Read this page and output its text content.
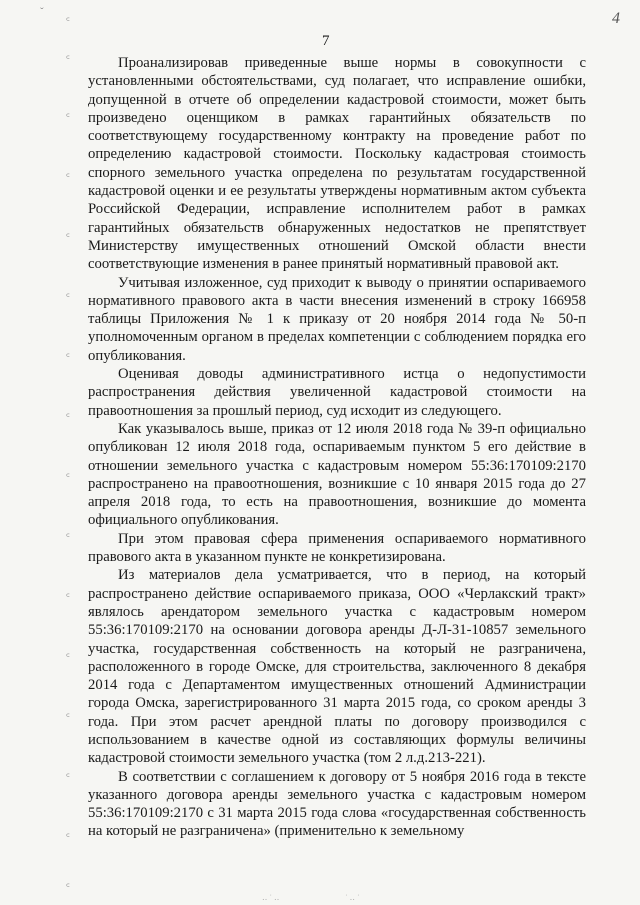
ˇ
꜂
꜂
꜂
꜂
꜂
꜂
꜂
꜂
꜂
꜂
꜂
꜂
꜂
꜂
꜂
꜂
4
7

Проанализировав приведенные выше нормы в совокупности с установленными обстоятельствами, суд полагает, что исправление ошибки, допущенной в отчете об определении кадастровой стоимости, может быть произведено оценщиком в рамках гарантийных обязательств по соответствующему государственному контракту на проведение работ по определению кадастровой стоимости. Поскольку кадастровая стоимость спорного земельного участка определена по результатам государственной кадастровой оценки и ее результаты утверждены нормативным актом субъекта Российской Федерации, исправление исполнителем работ в рамках гарантийных обязательств обнаруженных недостатков не препятствует Министерству имущественных отношений Омской области внести соответствующие изменения в ранее принятый нормативный правовой акт.

Учитывая изложенное, суд приходит к выводу о принятии оспариваемого нормативного правового акта в части внесения изменений в строку 166958 таблицы Приложения № 1 к приказу от 20 ноября 2014 года № 50-п уполномоченным органом в пределах компетенции с соблюдением порядка его опубликования.

Оценивая доводы административного истца о недопустимости распространения действия увеличенной кадастровой стоимости на правоотношения за прошлый период, суд исходит из следующего.

Как указывалось выше, приказ от 12 июля 2018 года № 39-п официально опубликован 12 июля 2018 года, оспариваемым пунктом 5 его действие в отношении земельного участка с кадастровым номером 55:36:170109:2170 распространено на правоотношения, возникшие с 10 января 2015 года до 27 апреля 2018 года, то есть на правоотношения, возникшие до момента официального опубликования.

При этом правовая сфера применения оспариваемого нормативного правового акта в указанном пункте не конкретизирована.

Из материалов дела усматривается, что в период, на который распространено действие оспариваемого приказа, ООО «Черлакский тракт» являлось арендатором земельного участка с кадастровым номером 55:36:170109:2170 на основании договора аренды Д-Л-31-10857 земельного участка, государственная собственность на который не разграничена, расположенного в городе Омске, для строительства, заключенного 8 декабря 2014 года с Департаментом имущественных отношений Администрации города Омска, зарегистрированного 31 марта 2015 года, со сроком аренды 3 года. При этом расчет арендной платы по договору производился с использованием в качестве одной из составляющих формулы величины кадастровой стоимости земельного участка (том 2 л.д.213-221).

В соответствии с соглашением к договору от 5 ноября 2016 года в тексте указанного договора аренды земельного участка с кадастровым номером 55:36:170109:2170 с 31 марта 2015 года слова «государственная собственность на который не разграничена» (применительно к земельному

‥ ˙ ‥	˙ ‥ ˙
